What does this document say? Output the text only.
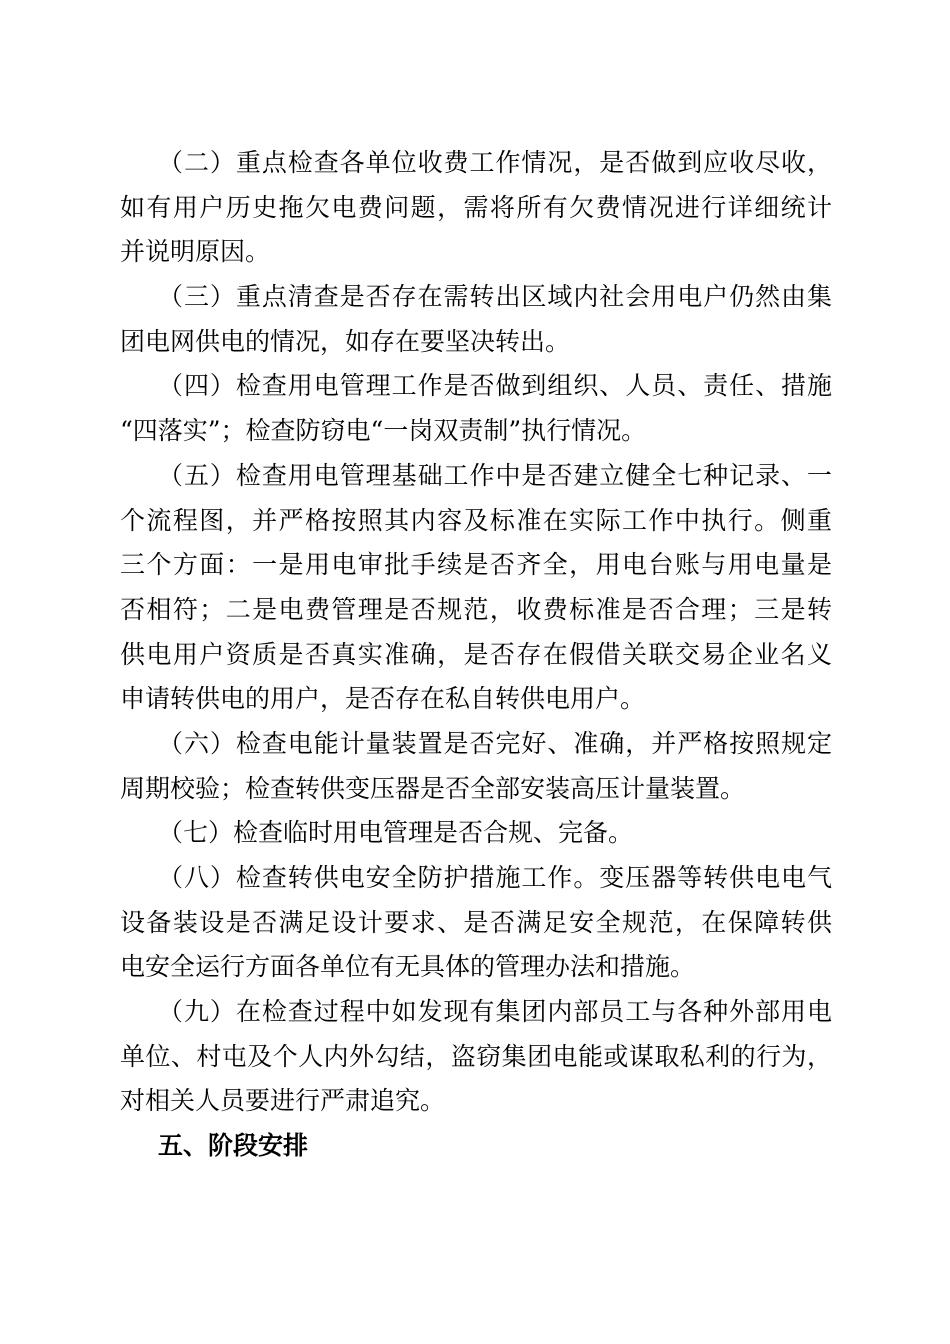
（二）重点检查各单位收费工作情况，是否做到应收尽收，
如有用户历史拖欠电费问题，需将所有欠费情况进行详细统计
并说明原因。
（三）重点清查是否存在需转出区域内社会用电户仍然由集
团电网供电的情况，如存在要坚决转出。
（四）检查用电管理工作是否做到组织、人员、责任、措施
“四落实”；检查防窃电“一岗双责制”执行情况。
（五）检查用电管理基础工作中是否建立健全七种记录、一
个流程图，并严格按照其内容及标准在实际工作中执行。侧重
三个方面：一是用电审批手续是否齐全，用电台账与用电量是
否相符；二是电费管理是否规范，收费标准是否合理；三是转
供电用户资质是否真实准确，是否存在假借关联交易企业名义
申请转供电的用户，是否存在私自转供电用户。
（六）检查电能计量装置是否完好、准确，并严格按照规定
周期校验；检查转供变压器是否全部安装高压计量装置。
（七）检查临时用电管理是否合规、完备。
（八）检查转供电安全防护措施工作。变压器等转供电电气
设备装设是否满足设计要求、是否满足安全规范，在保障转供
电安全运行方面各单位有无具体的管理办法和措施。
（九）在检查过程中如发现有集团内部员工与各种外部用电
单位、村屯及个人内外勾结，盗窃集团电能或谋取私利的行为，
对相关人员要进行严肃追究。
五、阶段安排
